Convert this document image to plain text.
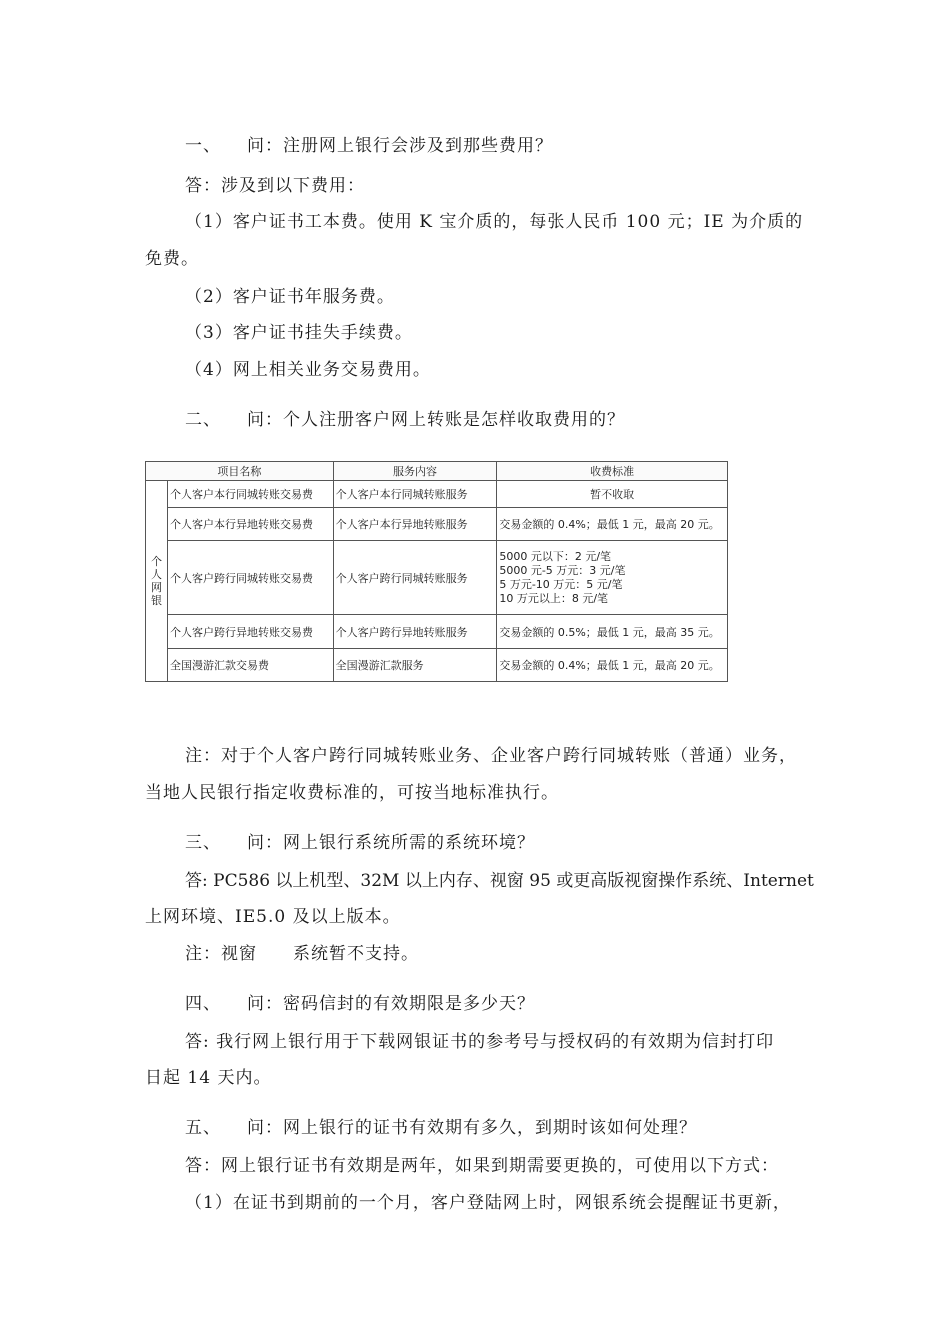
一、 问：注册网上银行会涉及到那些费用？
答：涉及到以下费用：
（1）客户证书工本费。使用 K 宝介质的，每张人民币 100 元；IE 为介质的
免费。
（2）客户证书年服务费。
（3）客户证书挂失手续费。
（4）网上相关业务交易费用。
二、 问：个人注册客户网上转账是怎样收取费用的？
项目名称		服务内容	收费标准

个
人
网
银	个人客户本行同城转账交易费	个人客户本行同城转账服务	暂不收取
	个人客户本行异地转账交易费	个人客户本行异地转账服务	交易金额的 0.4%；最低 1 元，最高 20 元。
	个人客户跨行同城转账交易费	个人客户跨行同城转账服务	5000 元以下：2 元/笔
5000 元-5 万元：3 元/笔
5 万元-10 万元：5 元/笔
10 万元以上：8 元/笔

	个人客户跨行异地转账交易费	个人客户跨行异地转账服务	交易金额的 0.5%；最低 1 元，最高 35 元。
	全国漫游汇款交易费	全国漫游汇款服务	交易金额的 0.4%；最低 1 元，最高 20 元。
注：对于个人客户跨行同城转账业务、企业客户跨行同城转账（普通）业务，
当地人民银行指定收费标准的，可按当地标准执行。
三、 问：网上银行系统所需的系统环境？
答: PC586 以上机型、32M 以上内存、视窗 95 或更高版视窗操作系统、Internet
上网环境、IE5.0 及以上版本。
注：视窗　　系统暂不支持。
四、 问：密码信封的有效期限是多少天？
答: 我行网上银行用于下载网银证书的参考号与授权码的有效期为信封打印
日起 14 天内。
五、 问：网上银行的证书有效期有多久，到期时该如何处理？
答：网上银行证书有效期是两年，如果到期需要更换的，可使用以下方式：
（1）在证书到期前的一个月，客户登陆网上时，网银系统会提醒证书更新，
